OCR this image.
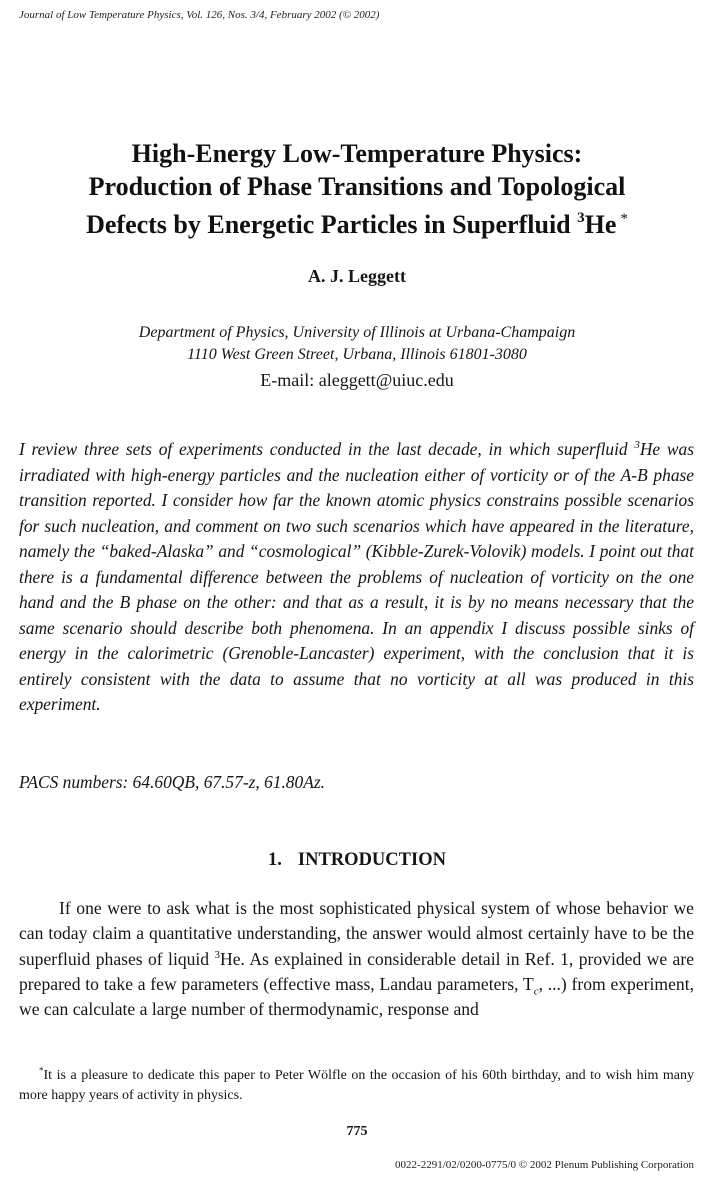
Journal of Low Temperature Physics, Vol. 126, Nos. 3/4, February 2002 (© 2002)
High-Energy Low-Temperature Physics:
Production of Phase Transitions and Topological
Defects by Energetic Particles in Superfluid $^3$He *
A. J. Leggett
Department of Physics, University of Illinois at Urbana-Champaign
1110 West Green Street, Urbana, Illinois 61801-3080
E-mail: aleggett@uiuc.edu
I review three sets of experiments conducted in the last decade, in which superfluid $^3$He was irradiated with high-energy particles and the nucleation either of vorticity or of the A-B phase transition reported. I consider how far the known atomic physics constrains possible scenarios for such nucleation, and comment on two such scenarios which have appeared in the literature, namely the “baked-Alaska” and “cosmological” (Kibble-Zurek-Volovik) models. I point out that there is a fundamental difference between the problems of nucleation of vorticity on the one hand and the B phase on the other: and that as a result, it is by no means necessary that the same scenario should describe both phenomena. In an appendix I discuss possible sinks of energy in the calorimetric (Grenoble-Lancaster) experiment, with the conclusion that it is entirely consistent with the data to assume that no vorticity at all was produced in this experiment.
PACS numbers: 64.60QB, 67.57-z, 61.80Az.
1. INTRODUCTION
If one were to ask what is the most sophisticated physical system of whose behavior we can today claim a quantitative understanding, the answer would almost certainly have to be the superfluid phases of liquid $^3$He. As explained in considerable detail in Ref. 1, provided we are prepared to take a few parameters (effective mass, Landau parameters, $T_c$, ...) from experiment, we can calculate a large number of thermodynamic, response and
*It is a pleasure to dedicate this paper to Peter Wölfle on the occasion of his 60th birthday, and to wish him many more happy years of activity in physics.
775
0022-2291/02/0200-0775/0 © 2002 Plenum Publishing Corporation
